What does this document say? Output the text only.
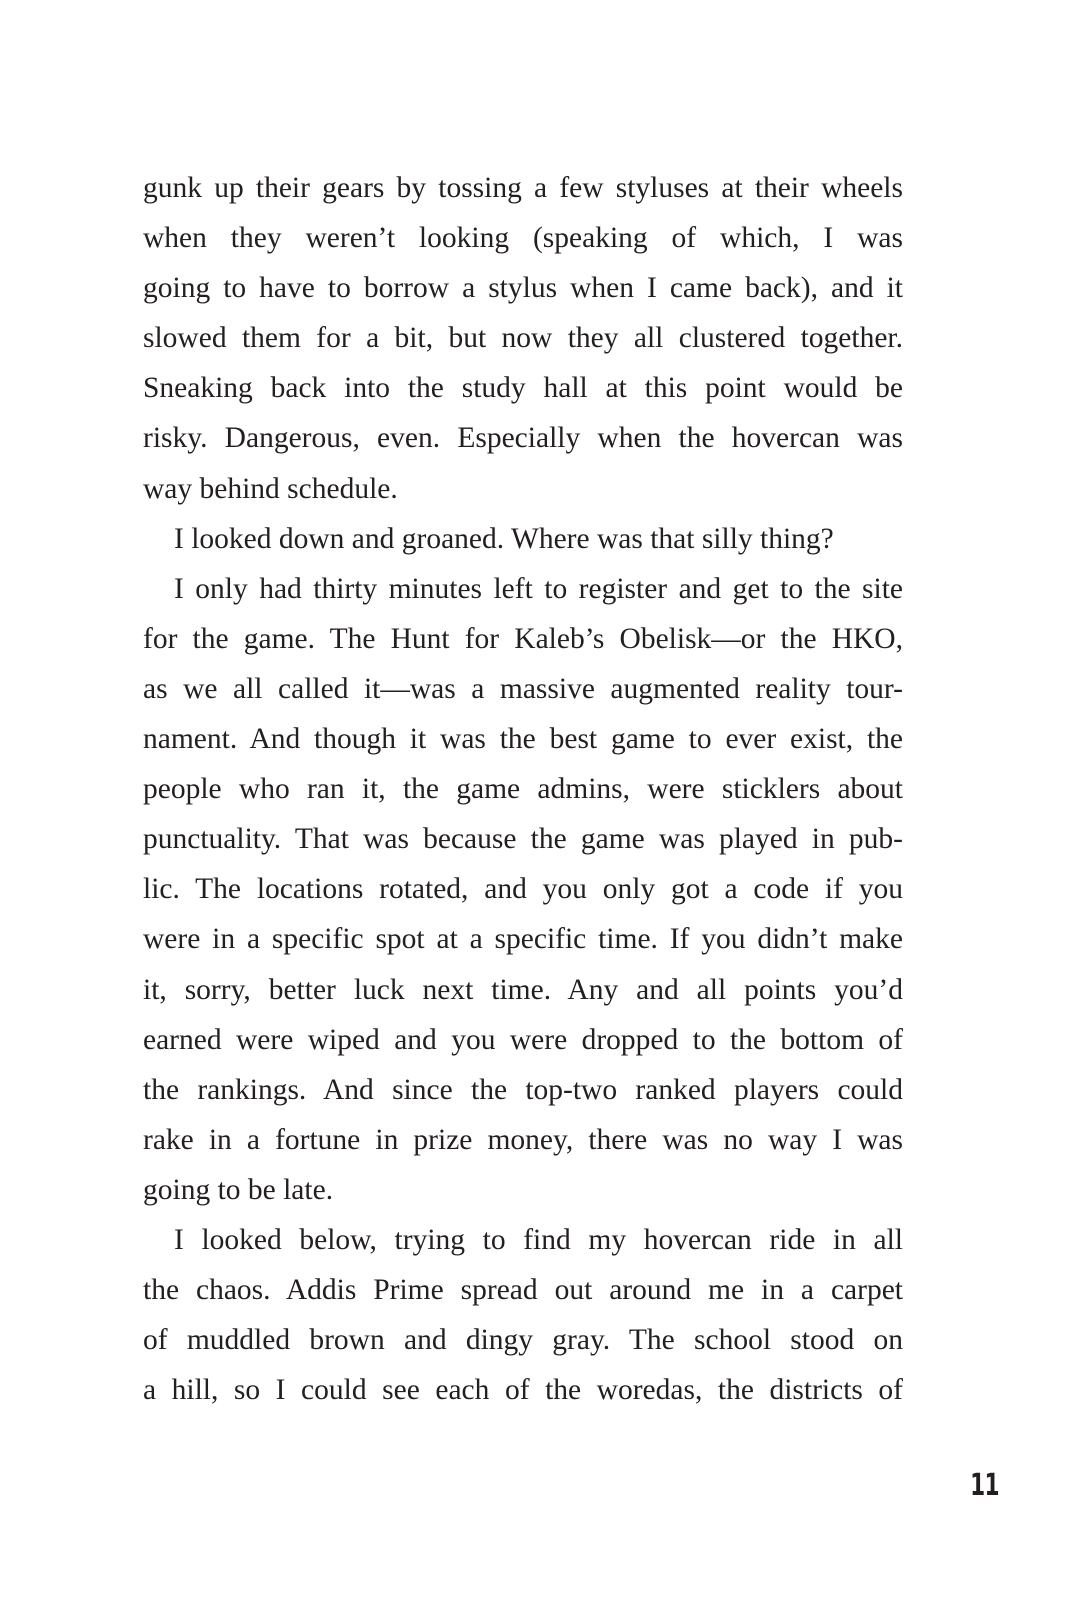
gunk up their gears by tossing a few styluses at their wheels
when they weren’t looking (speaking of which, I was
going to have to borrow a stylus when I came back), and it
slowed them for a bit, but now they all clustered together.
Sneaking back into the study hall at this point would be
risky. Dangerous, even. Especially when the hovercan was
way behind schedule.
I looked down and groaned. Where was that silly thing?
I only had thirty minutes left to register and get to the site
for the game. The Hunt for Kaleb’s Obelisk—or the HKO,
as we all called it—was a massive augmented reality tour-
nament. And though it was the best game to ever exist, the
people who ran it, the game admins, were sticklers about
punctuality. That was because the game was played in pub-
lic. The locations rotated, and you only got a code if you
were in a specific spot at a specific time. If you didn’t make
it, sorry, better luck next time. Any and all points you’d
earned were wiped and you were dropped to the bottom of
the rankings. And since the top-two ranked players could
rake in a fortune in prize money, there was no way I was
going to be late.
I looked below, trying to find my hovercan ride in all
the chaos. Addis Prime spread out around me in a carpet
of muddled brown and dingy gray. The school stood on
a hill, so I could see each of the woredas, the districts of
11
